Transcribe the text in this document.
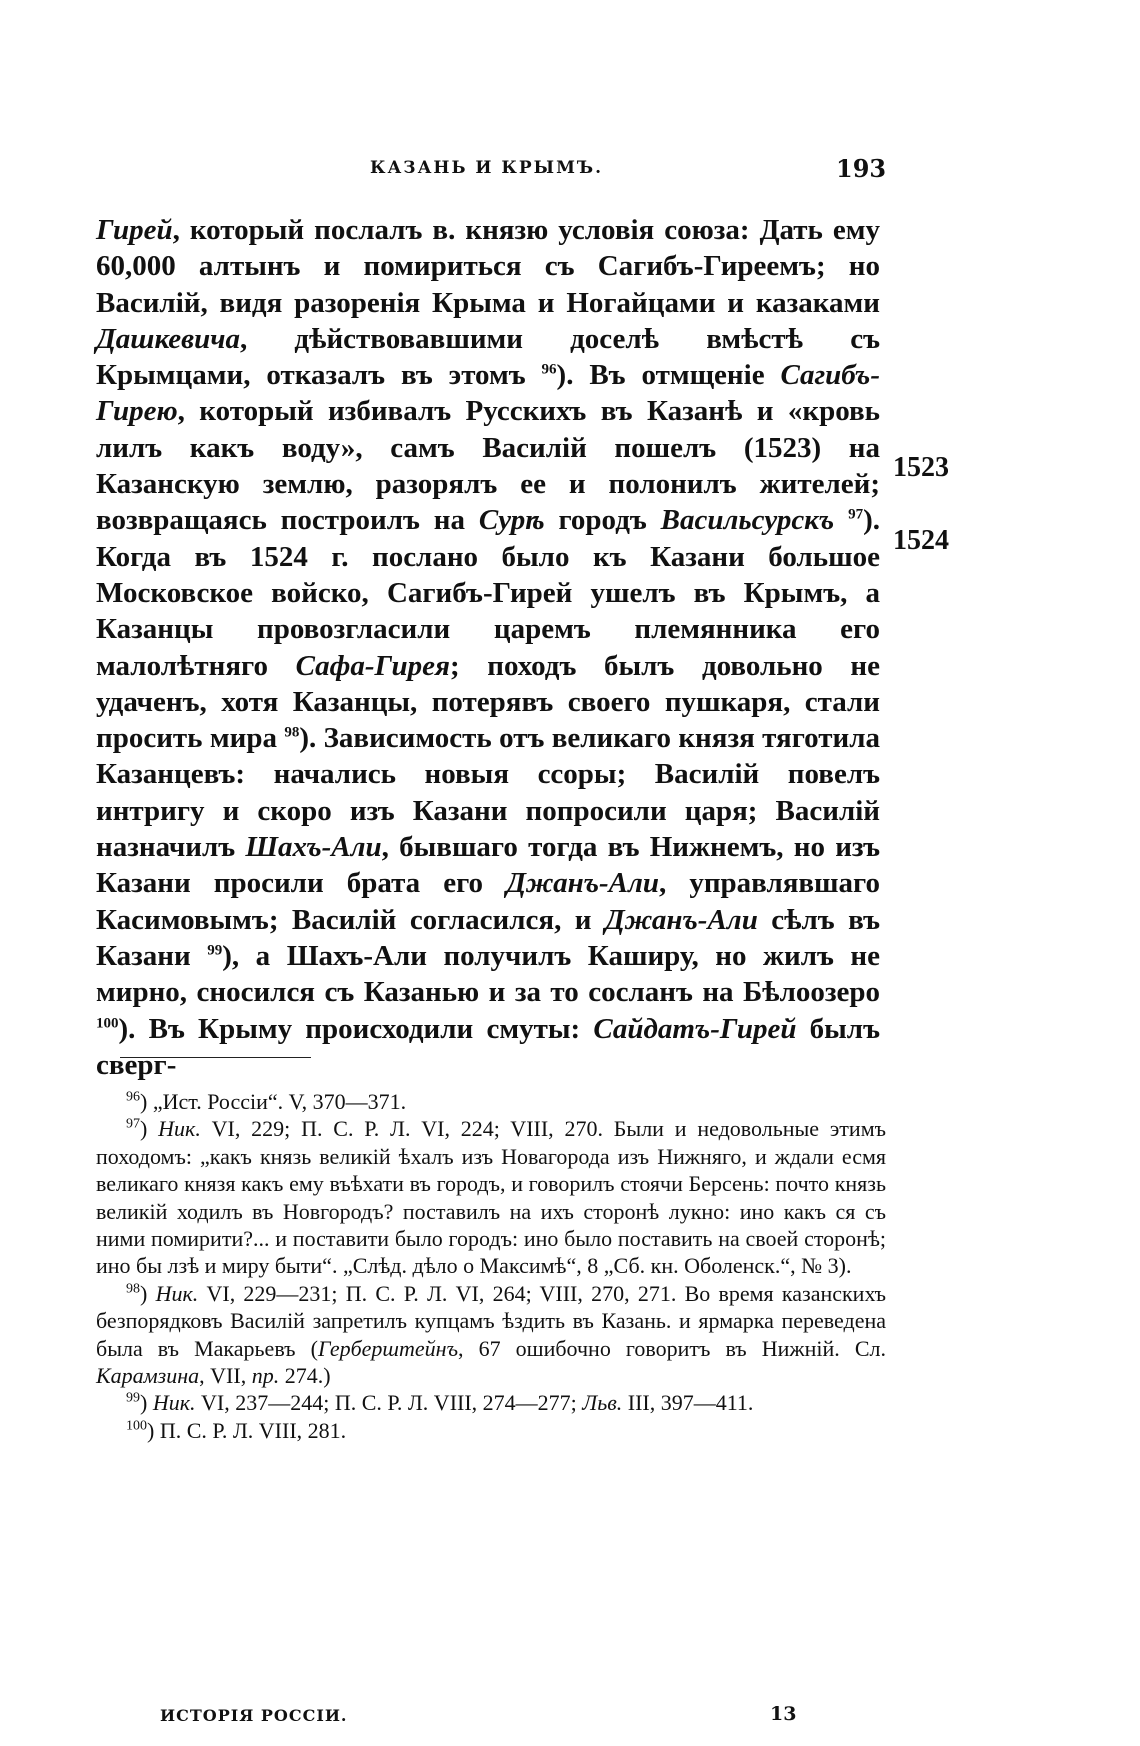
КАЗАНЬ И КРЫМЪ.	193
Гирей, который послалъ в. князю условія союза: Дать ему 60,000 алтынъ и помириться съ Сагибъ-Гиреемъ; но Василій, видя разоренія Крыма и Ногайцами и казаками Дашкевича, дѣйствовавшими доселѣ вмѣстѣ съ Крымцами, отказалъ въ этомъ $^{96}$). Въ отмщеніе Сагибъ-Гирею, который избивалъ Русскихъ въ Казанѣ и «кровь лилъ какъ воду», самъ Василій пошелъ (1523) на Казанскую землю, разорялъ ее и полонилъ жителей; возвращаясь построилъ на Сурѣ городъ Васильсурскъ $^{97}$). Когда въ 1524 г. послано было къ Казани большое Московское войско, Сагибъ-Гирей ушелъ въ Крымъ, а Казанцы провозгласили царемъ племянника его малолѣтняго Сафа-Гирея; походъ былъ довольно не удаченъ, хотя Казанцы, потерявъ своего пушкаря, стали просить мира $^{98}$). Зависимость отъ великаго князя тяготила Казанцевъ: начались новыя ссоры; Василій повелъ интригу и скоро изъ Казани попросили царя; Василій назначилъ Шахъ-Али, бывшаго тогда въ Нижнемъ, но изъ Казани просили брата его Джанъ-Али, управлявшаго Касимовымъ; Василій согласился, и Джанъ-Али сѣлъ въ Казани $^{99}$), а Шахъ-Али получилъ Каширу, но жилъ не мирно, сносился съ Казанью и за то сосланъ на Бѣлоозеро $^{100}$). Въ Крыму происходили смуты: Сайдатъ-Гирей былъ сверг-
1523
1524
$^{96}$) „Ист. Россіи“. V, 370—371.
$^{97}$) Ник. VI, 229; П. С. Р. Л. VI, 224; VIII, 270. Были и недовольные этимъ походомъ: „какъ князь великій ѣхалъ изъ Новагорода изъ Нижняго, и ждали есмя великаго князя какъ ему въѣхати въ городъ, и говорилъ стоячи Берсень: почто князь великій ходилъ въ Новгородъ? поставилъ на ихъ сторонѣ лукно: ино какъ ся съ ними помирити?... и поставити было городъ: ино было поставить на своей сторонѣ; ино бы лзѣ и миру быти“. „Слѣд. дѣло о Максимѣ“, 8 „Сб. кн. Оболенск.“, № 3).
$^{98}$) Ник. VI, 229—231; П. С. Р. Л. VI, 264; VIII, 270, 271. Во время казанскихъ безпорядковъ Василій запретилъ купцамъ ѣздить въ Казань. и ярмарка переведена была въ Макарьевъ (Герберштейнъ, 67 ошибочно говоритъ въ Нижній. Сл. Карамзина, VII, пр. 274.)
$^{99}$) Ник. VI, 237—244; П. С. Р. Л. VIII, 274—277; Льв. III, 397—411.
$^{100}$) П. С. Р. Л. VIII, 281.
ИСТОРІЯ РОССІИ.	13
